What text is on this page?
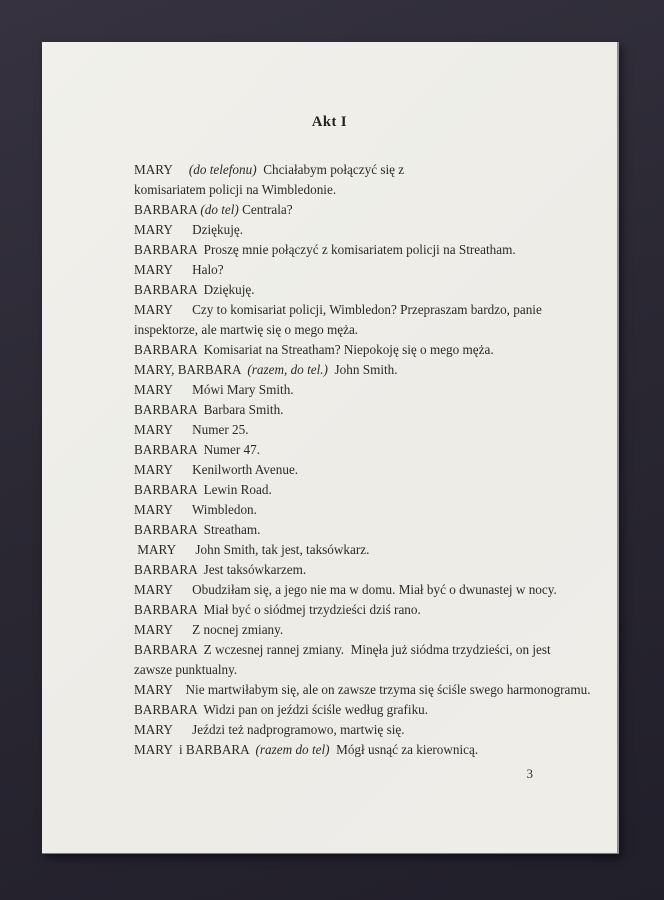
Akt I

MARY     (do telefonu)  Chciałabym połączyć się z

komisariatem policji na Wimbledonie.

BARBARA (do tel) Centrala?

MARY      Dziękuję.

BARBARA  Proszę mnie połączyć z komisariatem policji na Streatham.

MARY      Halo?

BARBARA  Dziękuję.

MARY      Czy to komisariat policji, Wimbledon? Przepraszam bardzo, panie

inspektorze, ale martwię się o mego męża.

BARBARA  Komisariat na Streatham? Niepokoję się o mego męża.

MARY, BARBARA  (razem, do tel.)  John Smith.

MARY      Mówi Mary Smith.

BARBARA  Barbara Smith.

MARY      Numer 25.

BARBARA  Numer 47.

MARY      Kenilworth Avenue.

BARBARA  Lewin Road.

MARY      Wimbledon.

BARBARA  Streatham.

MARY      John Smith, tak jest, taksówkarz.

BARBARA  Jest taksówkarzem.

MARY      Obudziłam się, a jego nie ma w domu. Miał być o dwunastej w nocy.

BARBARA  Miał być o siódmej trzydzieści dziś rano.

MARY      Z nocnej zmiany.

BARBARA  Z wczesnej rannej zmiany.  Minęła już siódma trzydzieści, on jest

zawsze punktualny.

MARY    Nie martwiłabym się, ale on zawsze trzyma się ściśle swego harmonogramu.

BARBARA  Widzi pan on jeździ ściśle według grafiku.

MARY      Jeździ też nadprogramowo, martwię się.

MARY  i BARBARA  (razem do tel)  Mógł usnąć za kierownicą.

3
